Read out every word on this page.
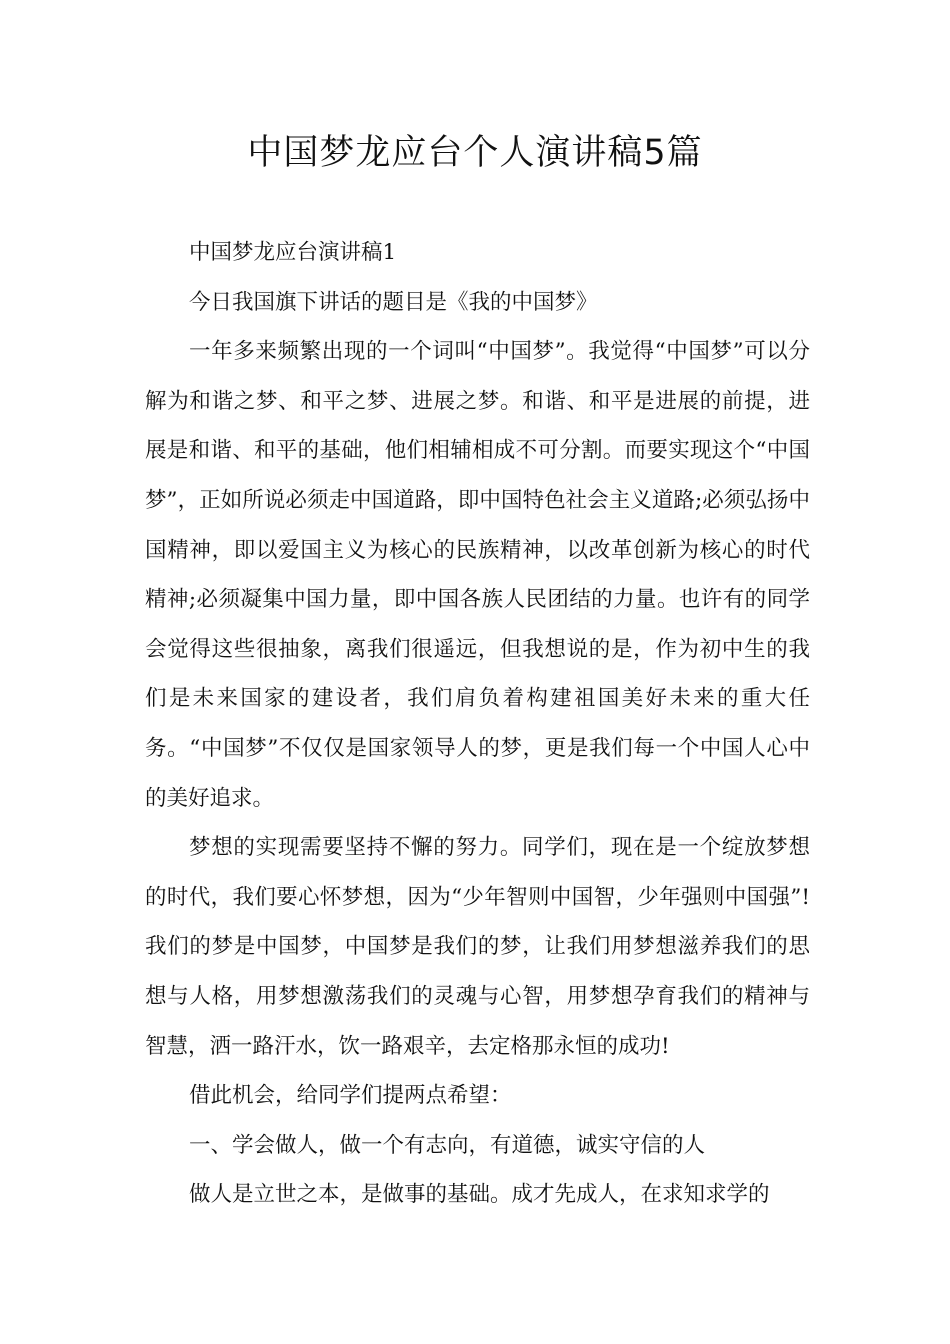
中国梦龙应台个人演讲稿5篇

中国梦龙应台演讲稿1

今日我国旗下讲话的题目是《我的中国梦》

一年多来频繁出现的一个词叫“中国梦”。我觉得“中国梦”可以分解为和谐之梦、和平之梦、进展之梦。和谐、和平是进展的前提，进展是和谐、和平的基础，他们相辅相成不可分割。而要实现这个“中国梦”，正如所说必须走中国道路，即中国特色社会主义道路;必须弘扬中国精神，即以爱国主义为核心的民族精神，以改革创新为核心的时代精神;必须凝集中国力量，即中国各族人民团结的力量。也许有的同学会觉得这些很抽象，离我们很遥远，但我想说的是，作为初中生的我们是未来国家的建设者，我们肩负着构建祖国美好未来的重大任务。“中国梦”不仅仅是国家领导人的梦，更是我们每一个中国人心中的美好追求。

梦想的实现需要坚持不懈的努力。同学们，现在是一个绽放梦想的时代，我们要心怀梦想，因为“少年智则中国智，少年强则中国强”!我们的梦是中国梦，中国梦是我们的梦，让我们用梦想滋养我们的思想与人格，用梦想激荡我们的灵魂与心智，用梦想孕育我们的精神与智慧，洒一路汗水，饮一路艰辛，去定格那永恒的成功!

借此机会，给同学们提两点希望：

一、学会做人，做一个有志向，有道德，诚实守信的人

做人是立世之本，是做事的基础。成才先成人，在求知求学的
